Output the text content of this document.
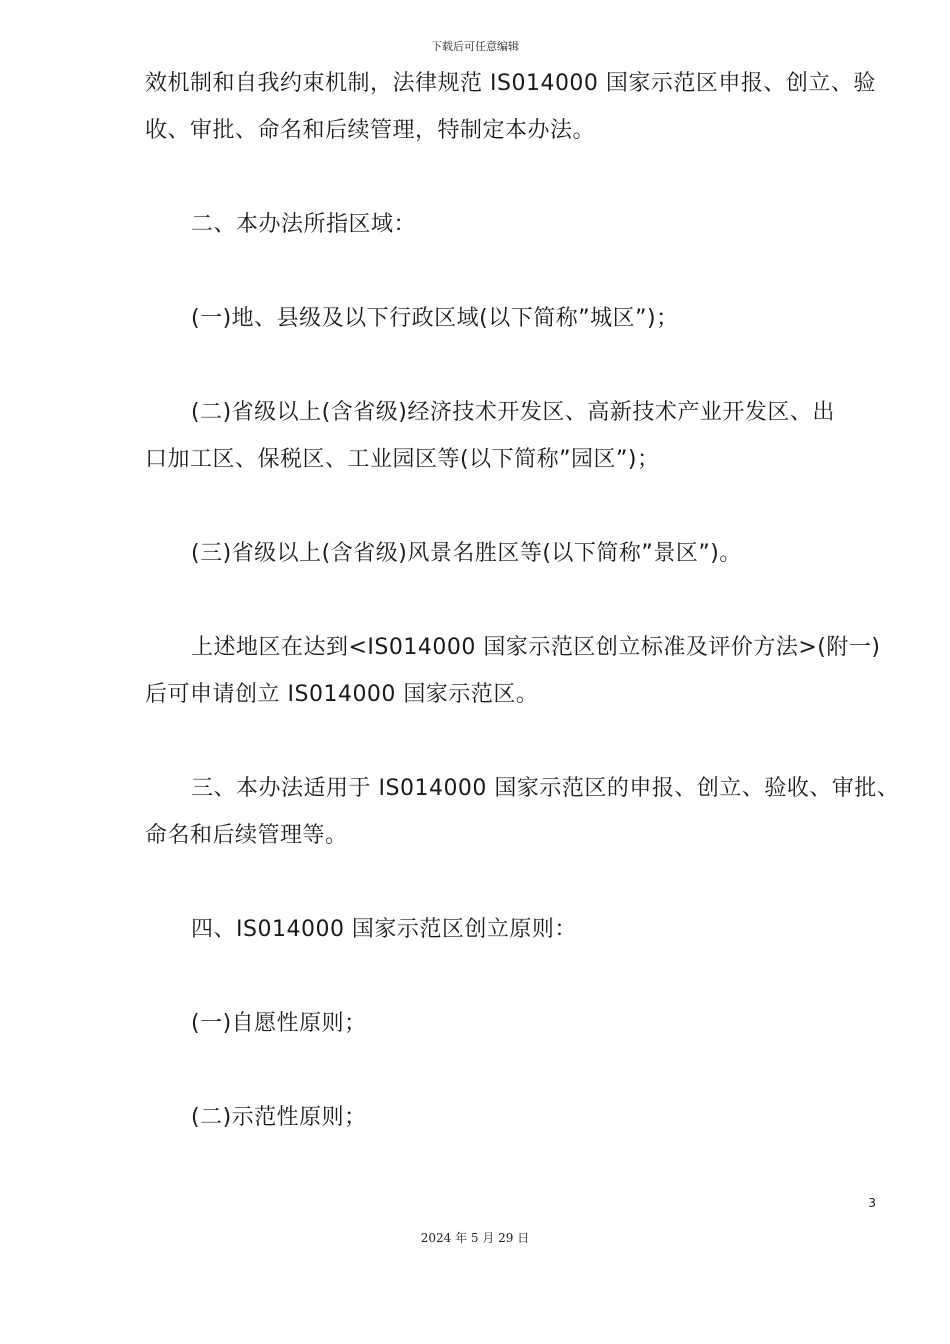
下载后可任意编辑

效机制和自我约束机制，法律规范 IS014000 国家示范区申报、创立、验

收、审批、命名和后续管理，特制定本办法。

二、本办法所指区域：

(一)地、县级及以下行政区域(以下简称”城区”)；

(二)省级以上(含省级)经济技术开发区、高新技术产业开发区、出

口加工区、保税区、工业园区等(以下简称”园区”)；

(三)省级以上(含省级)风景名胜区等(以下简称”景区”)。

上述地区在达到<IS014000 国家示范区创立标准及评价方法>(附一)

后可申请创立 IS014000 国家示范区。

三、本办法适用于 IS014000 国家示范区的申报、创立、验收、审批、

命名和后续管理等。

四、IS014000 国家示范区创立原则：

(一)自愿性原则；

(二)示范性原则；

3
2024 年 5 月 29 日
